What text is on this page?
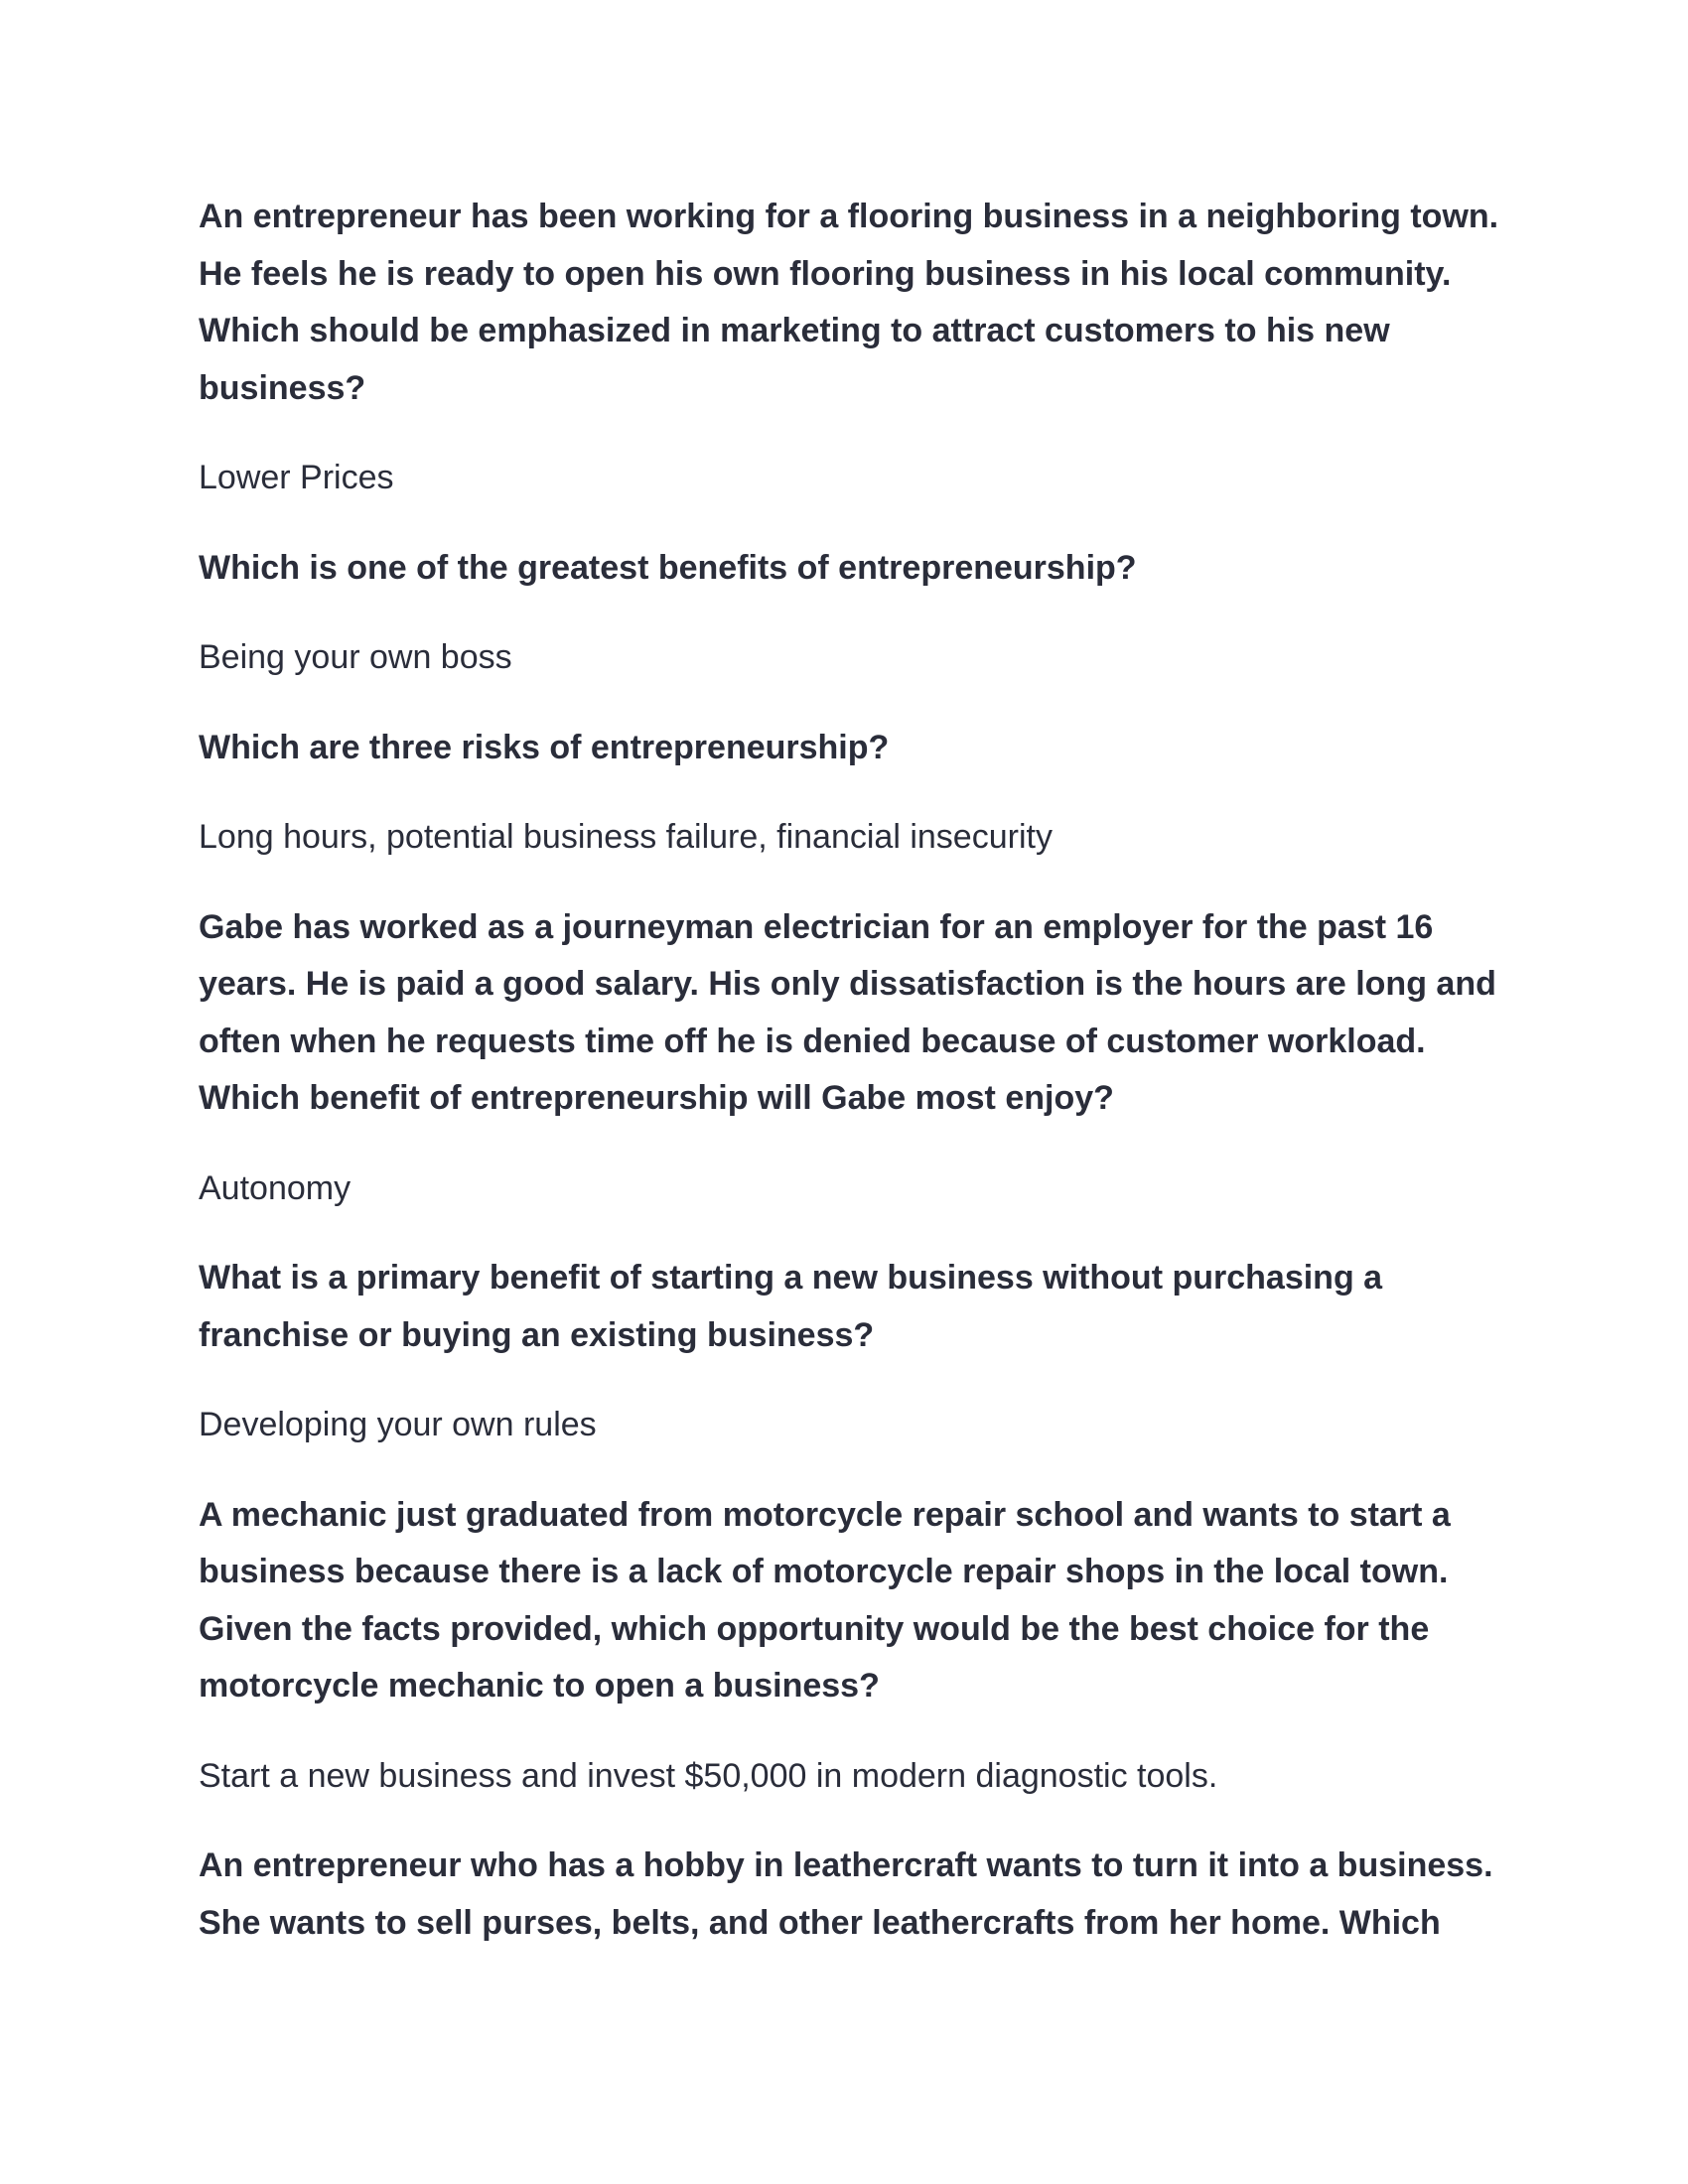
An entrepreneur has been working for a flooring business in a neighboring town. He feels he is ready to open his own flooring business in his local community. Which should be emphasized in marketing to attract customers to his new business?

Lower Prices

Which is one of the greatest benefits of entrepreneurship?

Being your own boss

Which are three risks of entrepreneurship?

Long hours, potential business failure, financial insecurity

Gabe has worked as a journeyman electrician for an employer for the past 16 years. He is paid a good salary. His only dissatisfaction is the hours are long and often when he requests time off he is denied because of customer workload. Which benefit of entrepreneurship will Gabe most enjoy?

Autonomy

What is a primary benefit of starting a new business without purchasing a franchise or buying an existing business?

Developing your own rules

A mechanic just graduated from motorcycle repair school and wants to start a business because there is a lack of motorcycle repair shops in the local town. Given the facts provided, which opportunity would be the best choice for the motorcycle mechanic to open a business?

Start a new business and invest $50,000 in modern diagnostic tools.

An entrepreneur who has a hobby in leathercraft wants to turn it into a business. She wants to sell purses, belts, and other leathercrafts from her home. Which
